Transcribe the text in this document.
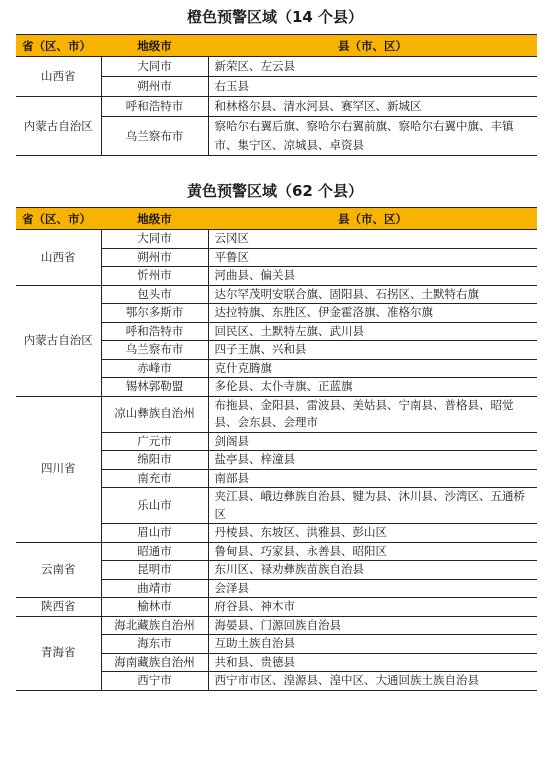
橙色预警区域（14 个县）
省（区、市）	地级市	县（市、区）
山西省	大同市	新荣区、左云县
	朔州市	右玉县
内蒙古自治区	呼和浩特市	和林格尔县、清水河县、赛罕区、新城区
	乌兰察布市	察哈尔右翼后旗、察哈尔右翼前旗、察哈尔右翼中旗、丰镇市、集宁区、凉城县、卓资县
黄色预警区域（62 个县）
省（区、市）	地级市	县（市、区）
山西省	大同市	云冈区
	朔州市	平鲁区
	忻州市	河曲县、偏关县
内蒙古自治区	包头市	达尔罕茂明安联合旗、固阳县、石拐区、土默特右旗
	鄂尔多斯市	达拉特旗、东胜区、伊金霍洛旗、准格尔旗
	呼和浩特市	回民区、土默特左旗、武川县
	乌兰察布市	四子王旗、兴和县
	赤峰市	克什克腾旗
	锡林郭勒盟	多伦县、太仆寺旗、正蓝旗
四川省	凉山彝族自治州	布拖县、金阳县、雷波县、美姑县、宁南县、普格县、昭觉县、会东县、会理市
	广元市	剑阁县
	绵阳市	盐亭县、梓潼县
	南充市	南部县
	乐山市	夹江县、峨边彝族自治县、犍为县、沐川县、沙湾区、五通桥区
	眉山市	丹棱县、东坡区、洪雅县、彭山区
云南省	昭通市	鲁甸县、巧家县、永善县、昭阳区
	昆明市	东川区、禄劝彝族苗族自治县
	曲靖市	会泽县
陕西省	榆林市	府谷县、神木市
青海省	海北藏族自治州	海晏县、门源回族自治县
	海东市	互助土族自治县
	海南藏族自治州	共和县、贵德县
	西宁市	西宁市市区、湟源县、湟中区、大通回族土族自治县
